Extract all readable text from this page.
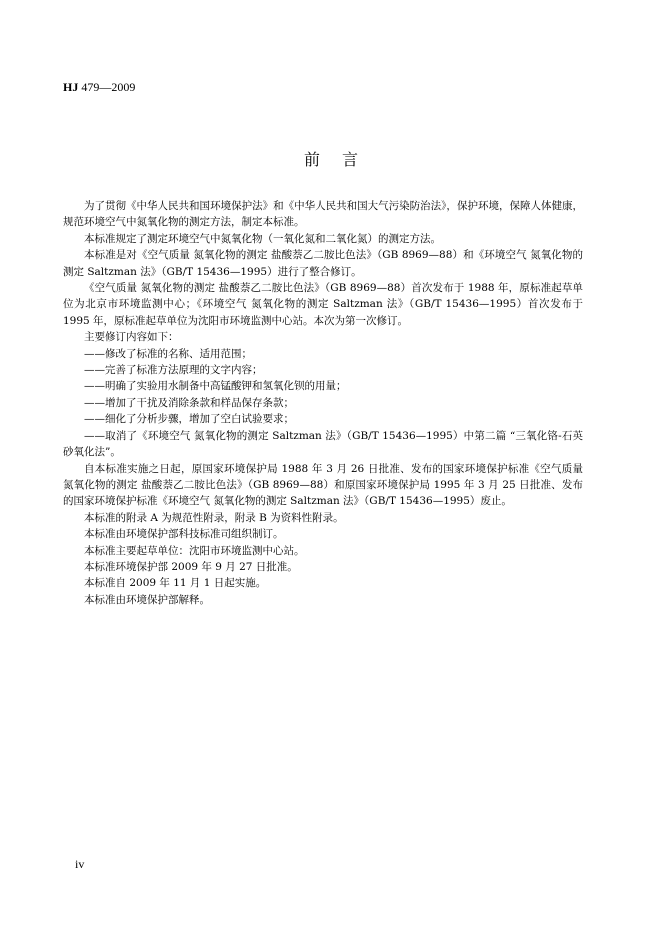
HJ 479—2009
前言

为了贯彻《中华人民共和国环境保护法》和《中华人民共和国大气污染防治法》，保护环境，保障人体健康，规范环境空气中氮氧化物的测定方法，制定本标准。

本标准规定了测定环境空气中氮氧化物（一氧化氮和二氧化氮）的测定方法。

本标准是对《空气质量 氮氧化物的测定 盐酸萘乙二胺比色法》（GB 8969—88）和《环境空气 氮氧化物的测定 Saltzman 法》（GB/T 15436—1995）进行了整合修订。

《空气质量 氮氧化物的测定 盐酸萘乙二胺比色法》（GB 8969—88）首次发布于 1988 年，原标准起草单位为北京市环境监测中心；《环境空气 氮氧化物的测定 Saltzman 法》（GB/T 15436—1995）首次发布于 1995 年，原标准起草单位为沈阳市环境监测中心站。本次为第一次修订。

主要修订内容如下：

——修改了标准的名称、适用范围；

——完善了标准方法原理的文字内容；

——明确了实验用水制备中高锰酸钾和氢氧化钡的用量；

——增加了干扰及消除条款和样品保存条款；

——细化了分析步骤，增加了空白试验要求；

——取消了《环境空气 氮氧化物的测定 Saltzman 法》（GB/T 15436—1995）中第二篇 “三氧化铬-石英砂氧化法”。

自本标准实施之日起，原国家环境保护局 1988 年 3 月 26 日批准、发布的国家环境保护标准《空气质量 氮氧化物的测定 盐酸萘乙二胺比色法》（GB 8969—88）和原国家环境保护局 1995 年 3 月 25 日批准、发布的国家环境保护标准《环境空气 氮氧化物的测定 Saltzman 法》（GB/T 15436—1995）废止。

本标准的附录 A 为规范性附录，附录 B 为资料性附录。

本标准由环境保护部科技标准司组织制订。

本标准主要起草单位：沈阳市环境监测中心站。

本标准环境保护部 2009 年 9 月 27 日批准。

本标准自 2009 年 11 月 1 日起实施。

本标准由环境保护部解释。

iv
